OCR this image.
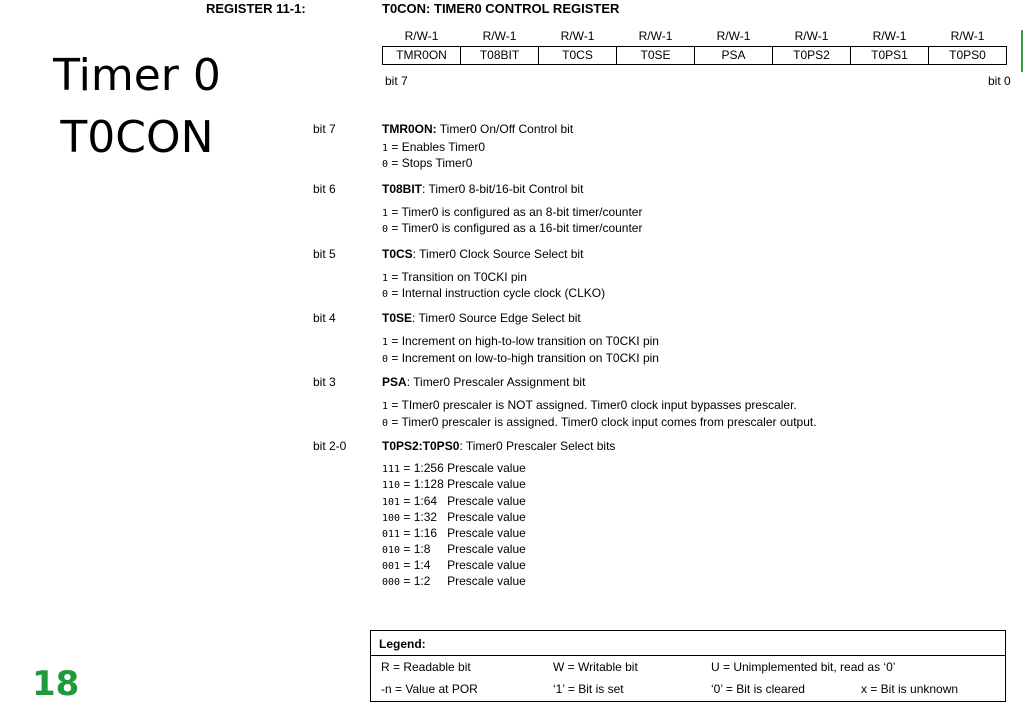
Timer 0
T0CON
18
REGISTER 11-1:	T0CON: TIMER0 CONTROL REGISTER
R/W-1	R/W-1	R/W-1	R/W-1	R/W-1	R/W-1	R/W-1	R/W-1
TMR0ON	T08BIT	T0CS	T0SE	PSA	T0PS2	T0PS1	T0PS0
bit 7	bit 0
bit 7	TMR0ON: Timer0 On/Off Control bit
1 = Enables Timer0
0 = Stops Timer0
bit 6	T08BIT: Timer0 8-bit/16-bit Control bit
1 = Timer0 is configured as an 8-bit timer/counter
0 = Timer0 is configured as a 16-bit timer/counter
bit 5	T0CS: Timer0 Clock Source Select bit
1 = Transition on T0CKI pin
0 = Internal instruction cycle clock (CLKO)
bit 4	T0SE: Timer0 Source Edge Select bit
1 = Increment on high-to-low transition on T0CKI pin
0 = Increment on low-to-high transition on T0CKI pin
bit 3	PSA: Timer0 Prescaler Assignment bit
1 = TImer0 prescaler is NOT assigned. Timer0 clock input bypasses prescaler.
0 = Timer0 prescaler is assigned. Timer0 clock input comes from prescaler output.
bit 2-0	T0PS2:T0PS0: Timer0 Prescaler Select bits
111 = 1:256 Prescale value
110 = 1:128 Prescale value
101 = 1:64   Prescale value
100 = 1:32   Prescale value
011 = 1:16   Prescale value
010 = 1:8     Prescale value
001 = 1:4     Prescale value
000 = 1:2     Prescale value
Legend:
R = Readable bit	W = Writable bit	U = Unimplemented bit, read as ‘0’
-n = Value at POR	‘1’ = Bit is set	‘0’ = Bit is cleared	x = Bit is unknown
